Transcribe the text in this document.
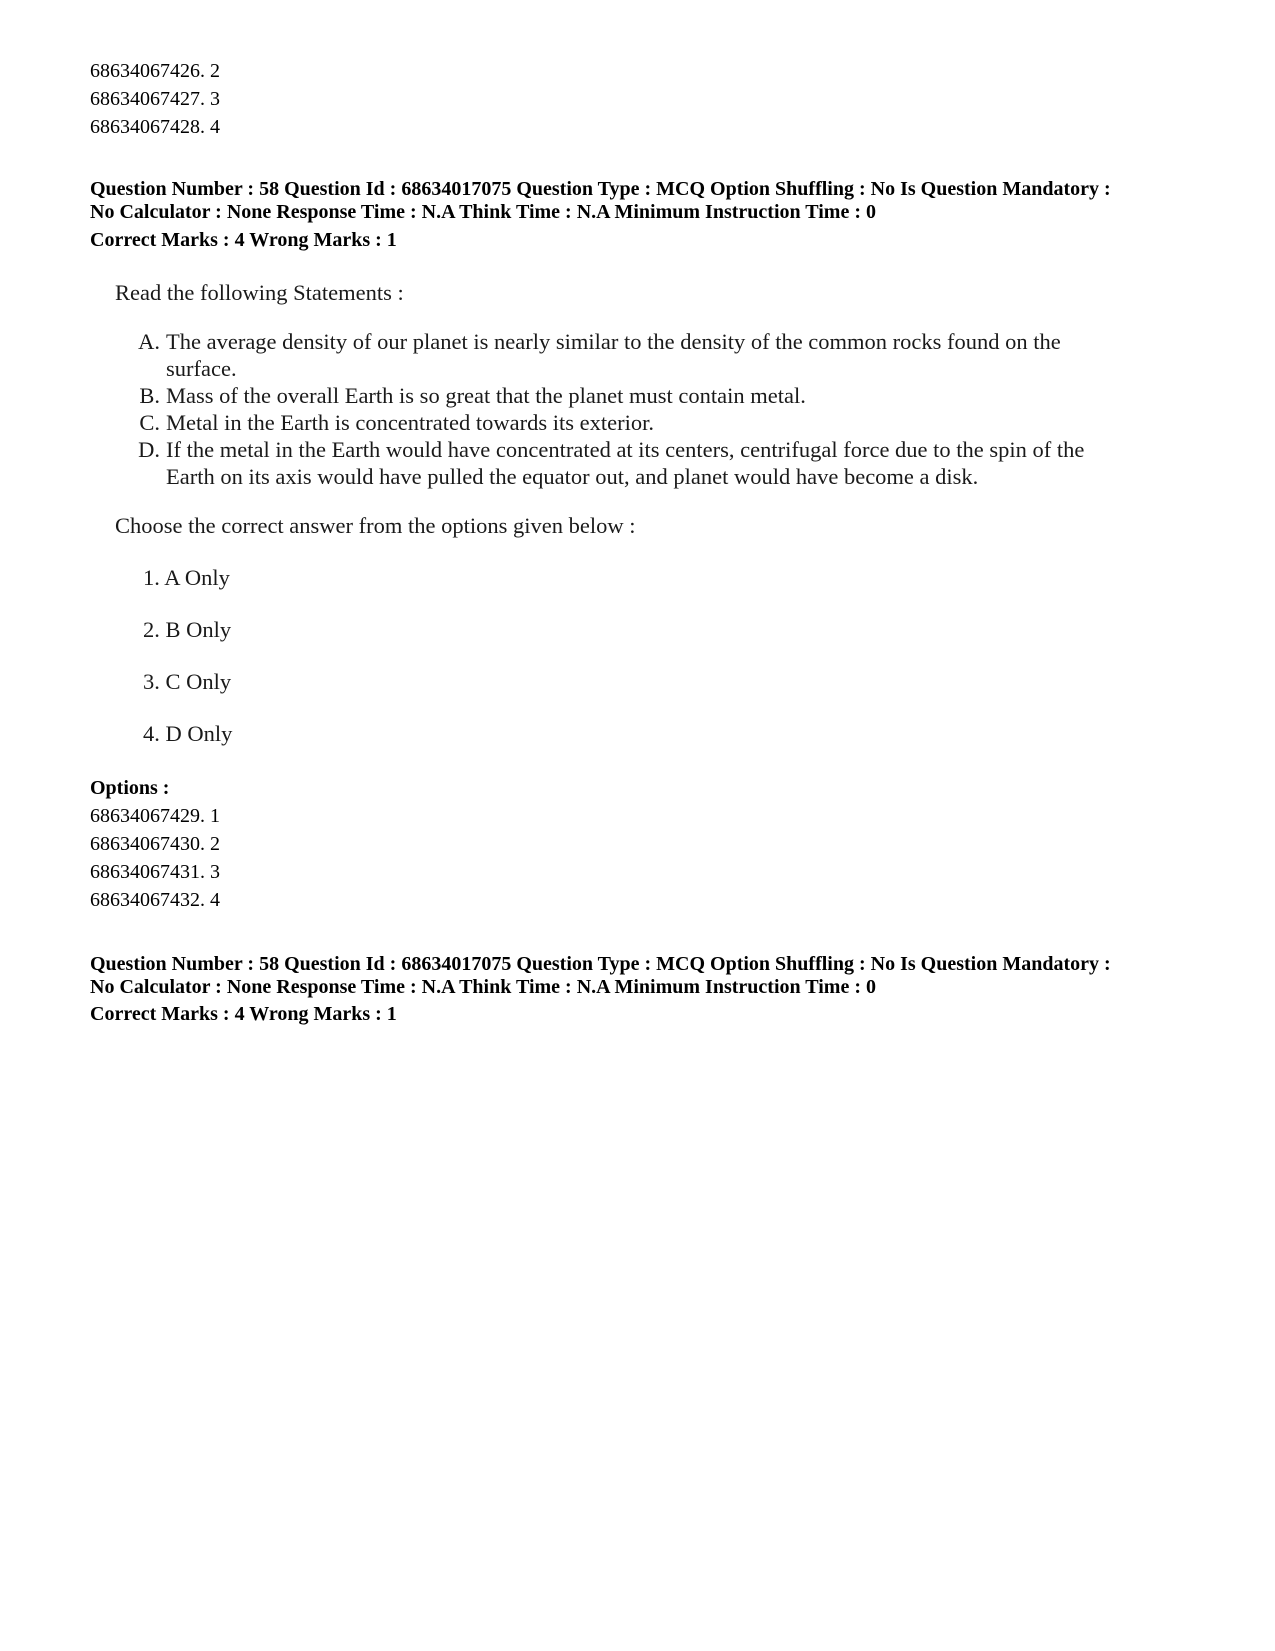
68634067426. 2
68634067427. 3
68634067428. 4
Question Number : 58 Question Id : 68634017075 Question Type : MCQ Option Shuffling : No Is Question Mandatory :
No Calculator : None Response Time : N.A Think Time : N.A Minimum Instruction Time : 0
Correct Marks : 4 Wrong Marks : 1
Read the following Statements :
A. The average density of our planet is nearly similar to the density of the common rocks found on the
surface.
B. Mass of the overall Earth is so great that the planet must contain metal.
C. Metal in the Earth is concentrated towards its exterior.
D. If the metal in the Earth would have concentrated at its centers, centrifugal force due to the spin of the
Earth on its axis would have pulled the equator out, and planet would have become a disk.
Choose the correct answer from the options given below :
1. A Only
2. B Only
3. C Only
4. D Only
Options :
68634067429. 1
68634067430. 2
68634067431. 3
68634067432. 4
Question Number : 58 Question Id : 68634017075 Question Type : MCQ Option Shuffling : No Is Question Mandatory :
No Calculator : None Response Time : N.A Think Time : N.A Minimum Instruction Time : 0
Correct Marks : 4 Wrong Marks : 1
